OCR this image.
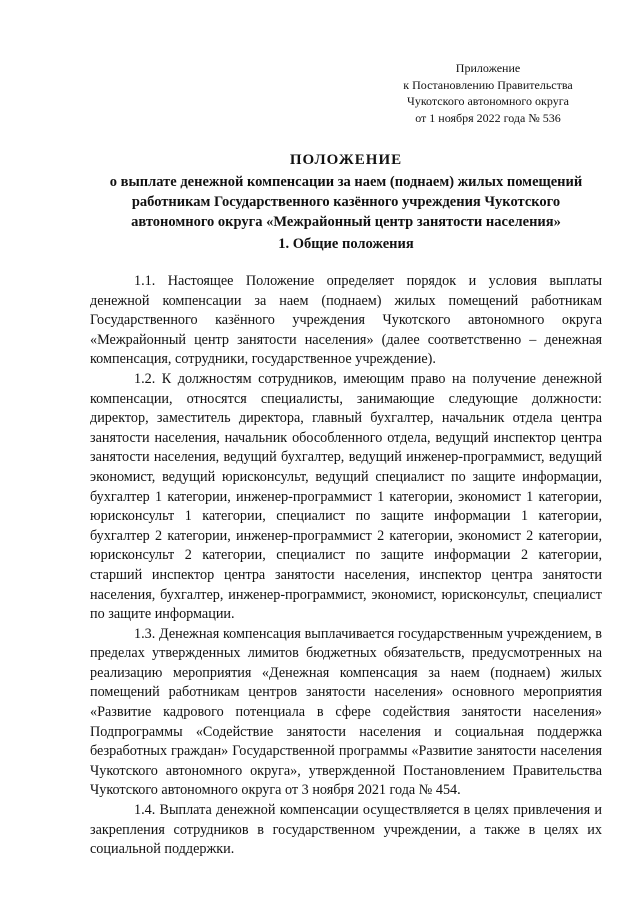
Приложение
к Постановлению Правительства
Чукотского автономного округа
от 1 ноября 2022 года № 536
ПОЛОЖЕНИЕ
о выплате денежной компенсации за наем (поднаем) жилых помещений работникам Государственного казённого учреждения Чукотского автономного округа «Межрайонный центр занятости населения»
1. Общие положения

1.1. Настоящее Положение определяет порядок и условия выплаты денежной компенсации за наем (поднаем) жилых помещений работникам Государственного казённого учреждения Чукотского автономного округа «Межрайонный центр занятости населения» (далее соответственно – денежная компенсация, сотрудники, государственное учреждение).

1.2. К должностям сотрудников, имеющим право на получение денежной компенсации, относятся специалисты, занимающие следующие должности: директор, заместитель директора, главный бухгалтер, начальник отдела центра занятости населения, начальник обособленного отдела, ведущий инспектор центра занятости населения, ведущий бухгалтер, ведущий инженер-программист, ведущий экономист, ведущий юрисконсульт, ведущий специалист по защите информации, бухгалтер 1 категории, инженер-программист 1 категории, экономист 1 категории, юрисконсульт 1 категории, специалист по защите информации 1 категории, бухгалтер 2 категории, инженер-программист 2 категории, экономист 2 категории, юрисконсульт 2 категории, специалист по защите информации 2 категории, старший инспектор центра занятости населения, инспектор центра занятости населения, бухгалтер, инженер-программист, экономист, юрисконсульт, специалист по защите информации.

1.3. Денежная компенсация выплачивается государственным учреждением, в пределах утвержденных лимитов бюджетных обязательств, предусмотренных на реализацию мероприятия «Денежная компенсация за наем (поднаем) жилых помещений работникам центров занятости населения» основного мероприятия «Развитие кадрового потенциала в сфере содействия занятости населения» Подпрограммы «Содействие занятости населения и социальная поддержка безработных граждан» Государственной программы «Развитие занятости населения Чукотского автономного округа», утвержденной Постановлением Правительства Чукотского автономного округа от 3 ноября 2021 года № 454.

1.4. Выплата денежной компенсации осуществляется в целях привлечения и закрепления сотрудников в государственном учреждении, а также в целях их социальной поддержки.
